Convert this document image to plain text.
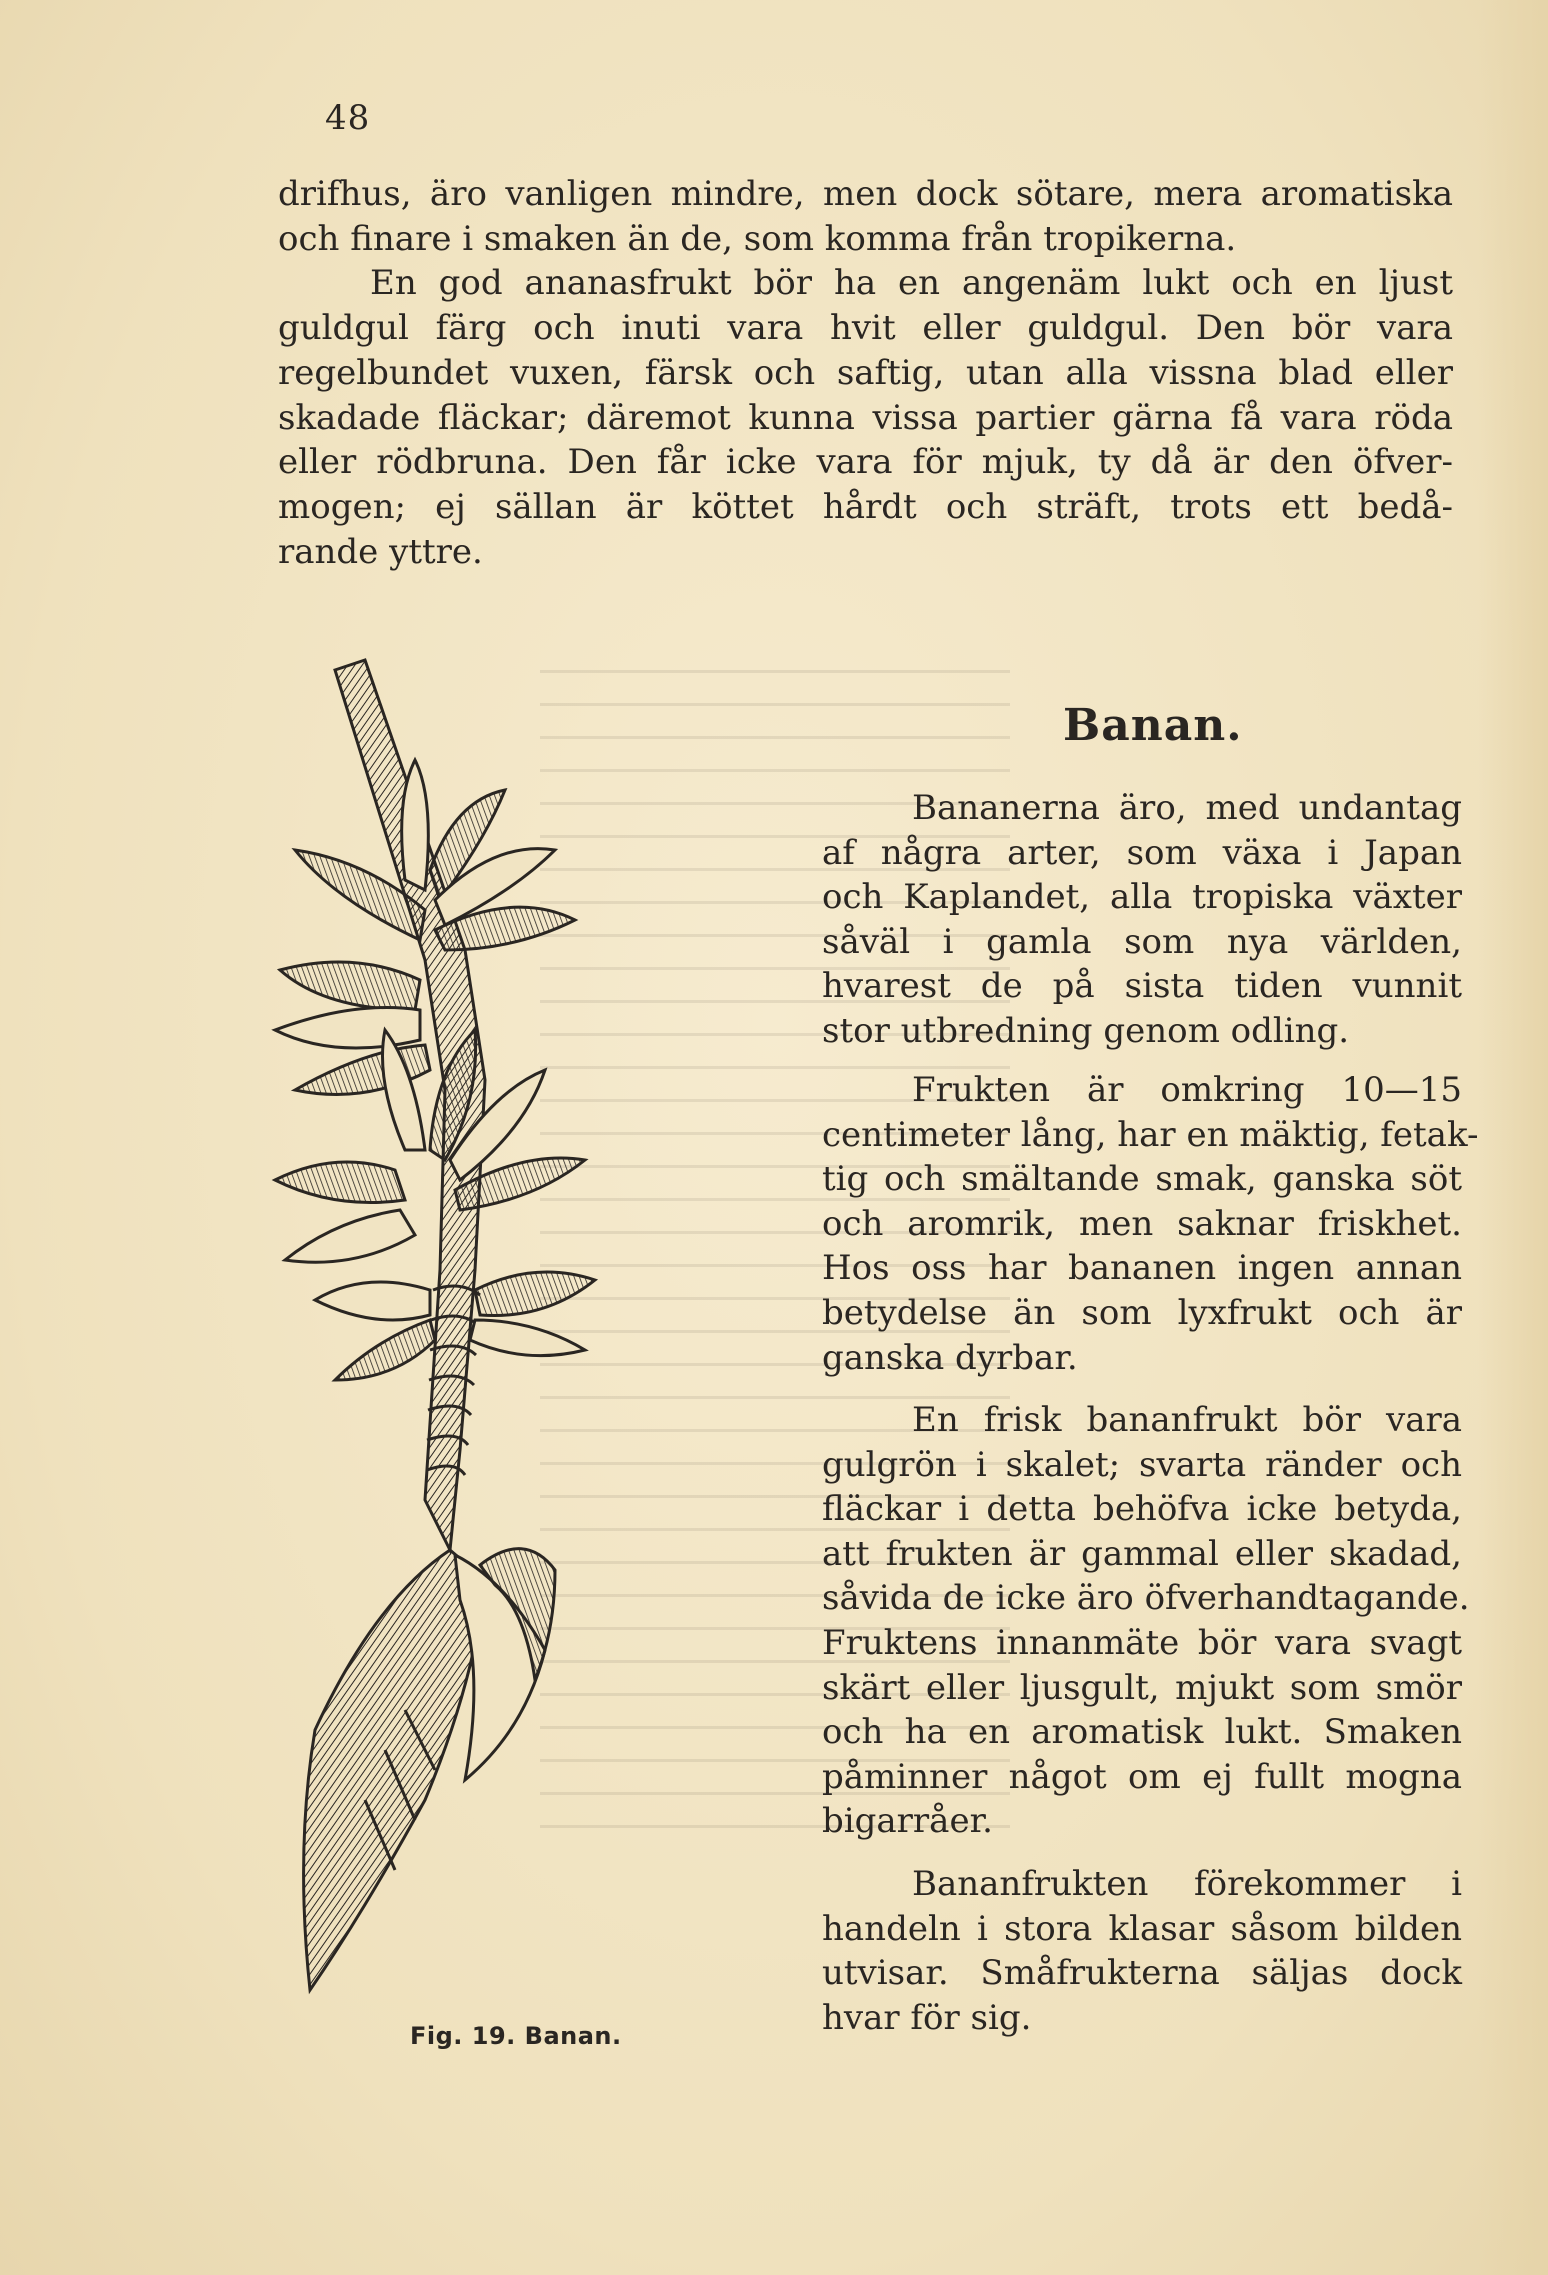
48
drifhus, äro vanligen mindre, men dock sötare, mera aromatiska
och finare i smaken än de, som komma från tropikerna.
En god ananasfrukt bör ha en angenäm lukt och en ljust
guldgul färg och inuti vara hvit eller guldgul. Den bör vara
regelbundet vuxen, färsk och saftig, utan alla vissna blad eller
skadade fläckar; däremot kunna vissa partier gärna få vara röda
eller rödbruna. Den får icke vara för mjuk, ty då är den öfver-
mogen; ej sällan är köttet hårdt och sträft, trots ett bedå-
rande yttre.
Fig. 19. Banan.
Banan.
Bananerna äro, med undantag
af några arter, som växa i Japan
och Kaplandet, alla tropiska växter
såväl i gamla som nya världen,
hvarest de på sista tiden vunnit
stor utbredning genom odling.
Frukten är omkring 10—15
centimeter lång, har en mäktig, fetak-
tig och smältande smak, ganska söt
och aromrik, men saknar friskhet.
Hos oss har bananen ingen annan
betydelse än som lyxfrukt och är
ganska dyrbar.
En frisk bananfrukt bör vara
gulgrön i skalet; svarta ränder och
fläckar i detta behöfva icke betyda,
att frukten är gammal eller skadad,
såvida de icke äro öfverhandtagande.
Fruktens innanmäte bör vara svagt
skärt eller ljusgult, mjukt som smör
och ha en aromatisk lukt. Smaken
påminner något om ej fullt mogna
bigarråer.
Bananfrukten förekommer i
handeln i stora klasar såsom bilden
utvisar. Småfrukterna säljas dock
hvar för sig.
